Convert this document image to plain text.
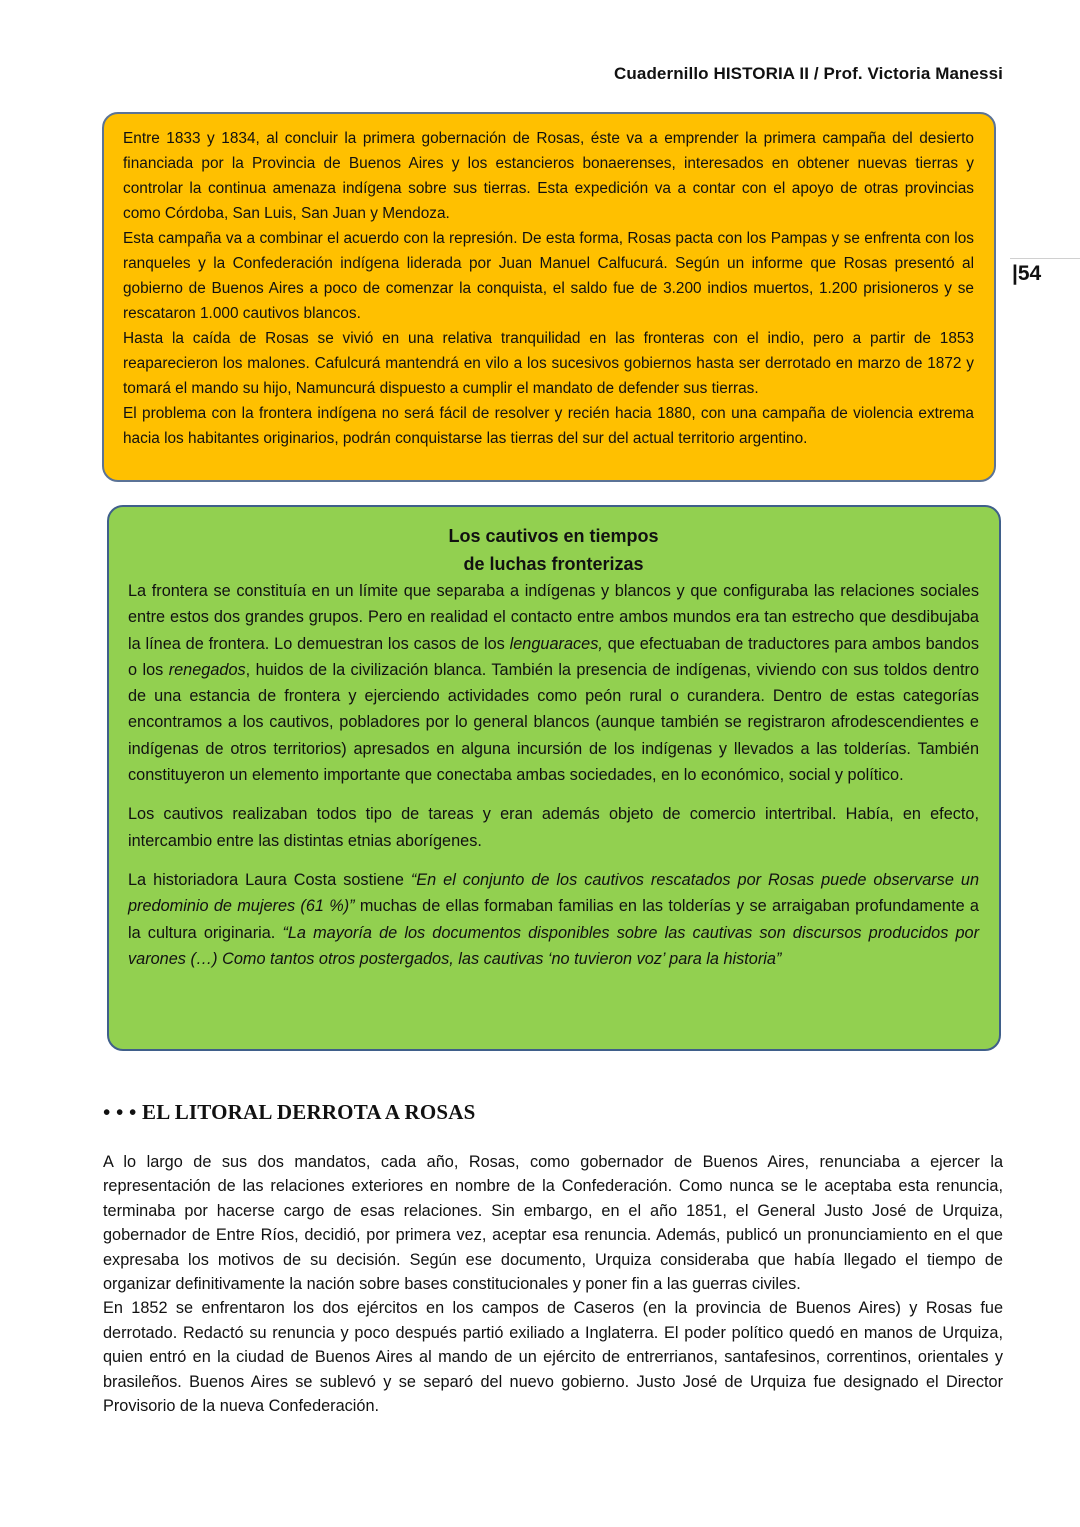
Cuadernillo HISTORIA II / Prof. Victoria Manessi
|54

Entre 1833 y 1834, al concluir la primera gobernación de Rosas, éste va a emprender la primera campaña del desierto financiada por la Provincia de Buenos Aires y los estancieros bonaerenses, interesados en obtener nuevas tierras y controlar la continua amenaza indígena sobre sus tierras. Esta expedición va a contar con el apoyo de otras provincias como Córdoba, San Luis, San Juan y Mendoza.

Esta campaña va a combinar el acuerdo con la represión. De esta forma, Rosas pacta con los Pampas y se enfrenta con los ranqueles y la Confederación indígena liderada por Juan Manuel Calfucurá. Según un informe que Rosas presentó al gobierno de Buenos Aires a poco de comenzar la conquista, el saldo fue de 3.200 indios muertos, 1.200 prisioneros y se rescataron 1.000 cautivos blancos.

Hasta la caída de Rosas se vivió en una relativa tranquilidad en las fronteras con el indio, pero a partir de 1853 reaparecieron los malones. Cafulcurá mantendrá en vilo a los sucesivos gobiernos hasta ser derrotado en marzo de 1872 y tomará el mando su hijo, Namuncurá dispuesto a cumplir el mandato de defender sus tierras.

El problema con la frontera indígena no será fácil de resolver y recién hacia 1880, con una campaña de violencia extrema hacia los habitantes originarios, podrán conquistarse las tierras del sur del actual territorio argentino.

Los cautivos en tiempos
de luchas fronterizas

La frontera se constituía en un límite que separaba a indígenas y blancos y que configuraba las relaciones sociales entre estos dos grandes grupos. Pero en realidad el contacto entre ambos mundos era tan estrecho que desdibujaba la línea de frontera. Lo demuestran los casos de los lenguaraces, que efectuaban de traductores para ambos bandos o los renegados, huidos de la civilización blanca. También la presencia de indígenas, viviendo con sus toldos dentro de una estancia de frontera y ejerciendo actividades como peón rural o curandera. Dentro de estas categorías encontramos a los cautivos, pobladores por lo general blancos (aunque también se registraron afrodescendientes e indígenas de otros territorios) apresados en alguna incursión de los indígenas y llevados a las tolderías. También constituyeron un elemento importante que conectaba ambas sociedades, en lo económico, social y político.

Los cautivos realizaban todos tipo de tareas y eran además objeto de comercio intertribal. Había, en efecto, intercambio entre las distintas etnias aborígenes.

La historiadora Laura Costa sostiene “En el conjunto de los cautivos rescatados por Rosas puede observarse un predominio de mujeres (61 %)” muchas de ellas formaban familias en las tolderías y se arraigaban profundamente a la cultura originaria. “La mayoría de los documentos disponibles sobre las cautivas son discursos producidos por varones (…) Como tantos otros postergados, las cautivas ‘no tuvieron voz’ para la historia”

• • • EL LITORAL DERROTA A ROSAS

A lo largo de sus dos mandatos, cada año, Rosas, como gobernador de Buenos Aires, renunciaba a ejercer la representación de las relaciones exteriores en nombre de la Confederación. Como nunca se le aceptaba esta renuncia, terminaba por hacerse cargo de esas relaciones. Sin embargo, en el año 1851, el General Justo José de Urquiza, gobernador de Entre Ríos, decidió, por primera vez, aceptar esa renuncia. Además, publicó un pronunciamiento en el que expresaba los motivos de su decisión. Según ese documento, Urquiza consideraba que había llegado el tiempo de organizar definitivamente la nación sobre bases constitucionales y poner fin a las guerras civiles.

En 1852 se enfrentaron los dos ejércitos en los campos de Caseros (en la provincia de Buenos Aires) y Rosas fue derrotado. Redactó su renuncia y poco después partió exiliado a Inglaterra. El poder político quedó en manos de Urquiza, quien entró en la ciudad de Buenos Aires al mando de un ejército de entrerrianos, santafesinos, correntinos, orientales y brasileños. Buenos Aires se sublevó y se separó del nuevo gobierno. Justo José de Urquiza fue designado el Director Provisorio de la nueva Confederación.
